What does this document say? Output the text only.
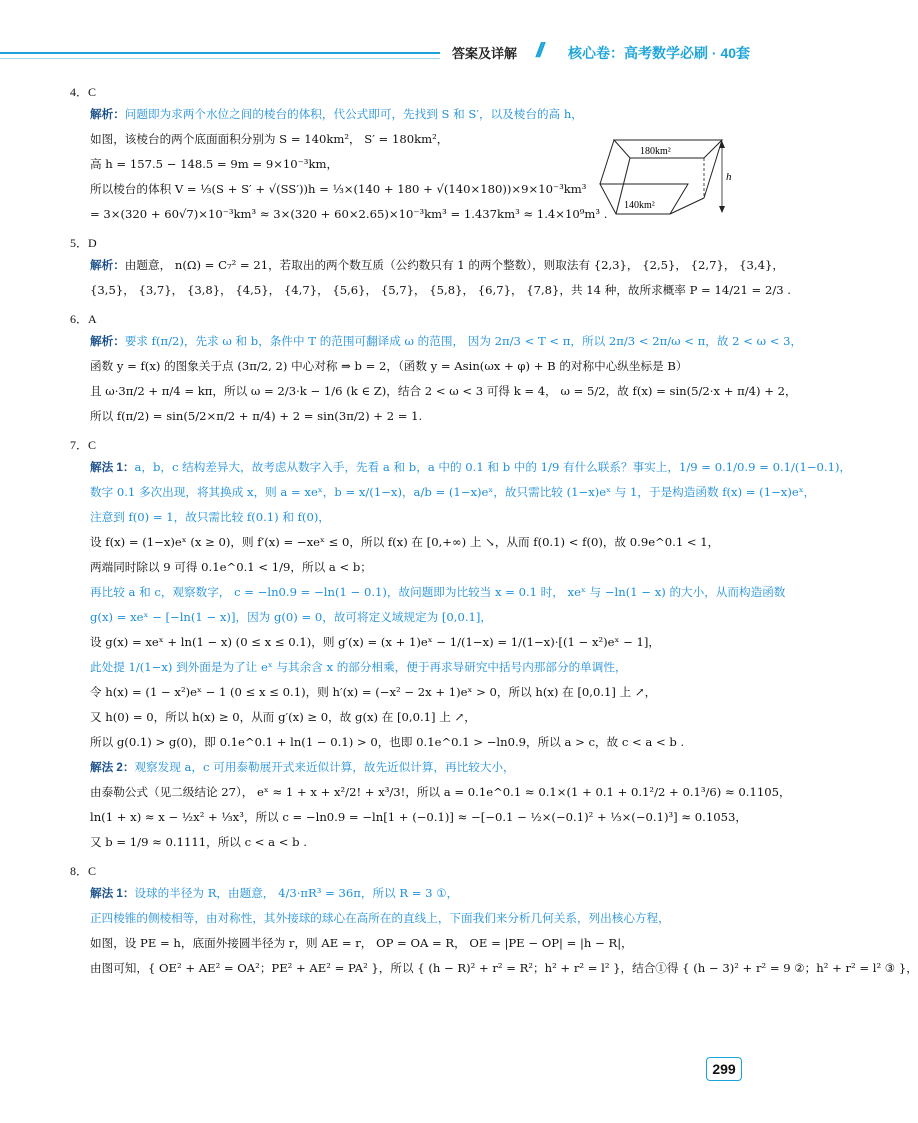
答案及详解 // 核心卷：高考数学必刷 · 40套
180km²
140km²
h

4．C

解析：问题即为求两个水位之间的棱台的体积，代公式即可，先找到 S 和 S′，以及棱台的高 h，

如图，该棱台的两个底面面积分别为 S = 140km²， S′ = 180km²，

高 h = 157.5 − 148.5 = 9m = 9×10⁻³km，

所以棱台的体积 V = ⅓(S + S′ + √(SS′))h = ⅓×(140 + 180 + √(140×180))×9×10⁻³km³

= 3×(320 + 60√7)×10⁻³km³ ≈ 3×(320 + 60×2.65)×10⁻³km³ = 1.437km³ ≈ 1.4×10⁹m³ .

5．D

解析：由题意， n(Ω) = C₇² = 21，若取出的两个数互质（公约数只有 1 的两个整数），则取法有 {2,3}， {2,5}， {2,7}， {3,4}，

{3,5}， {3,7}， {3,8}， {4,5}， {4,7}， {5,6}， {5,7}， {5,8}， {6,7}， {7,8}，共 14 种，故所求概率 P = 14/21 = 2/3 .

6．A

解析：要求 f(π/2)，先求 ω 和 b，条件中 T 的范围可翻译成 ω 的范围， 因为 2π/3 < T < π，所以 2π/3 < 2π/ω < π，故 2 < ω < 3，

函数 y = f(x) 的图象关于点 (3π/2, 2) 中心对称 ⇒ b = 2，（函数 y = Asin(ωx + φ) + B 的对称中心纵坐标是 B）

且 ω·3π/2 + π/4 = kπ，所以 ω = 2/3·k − 1/6 (k ∈ Z)，结合 2 < ω < 3 可得 k = 4， ω = 5/2，故 f(x) = sin(5/2·x + π/4) + 2，

所以 f(π/2) = sin(5/2×π/2 + π/4) + 2 = sin(3π/2) + 2 = 1.

7．C

解法 1：a，b，c 结构差异大，故考虑从数字入手，先看 a 和 b，a 中的 0.1 和 b 中的 1/9 有什么联系？事实上，1/9 = 0.1/0.9 = 0.1/(1−0.1)，

数字 0.1 多次出现，将其换成 x，则 a = xeˣ，b = x/(1−x)，a/b = (1−x)eˣ，故只需比较 (1−x)eˣ 与 1，于是构造函数 f(x) = (1−x)eˣ，

注意到 f(0) = 1，故只需比较 f(0.1) 和 f(0)，

设 f(x) = (1−x)eˣ (x ≥ 0)，则 f′(x) = −xeˣ ≤ 0，所以 f(x) 在 [0,+∞) 上 ↘，从而 f(0.1) < f(0)，故 0.9e^0.1 < 1，

两端同时除以 9 可得 0.1e^0.1 < 1/9，所以 a < b；

再比较 a 和 c，观察数字， c = −ln0.9 = −ln(1 − 0.1)，故问题即为比较当 x = 0.1 时， xeˣ 与 −ln(1 − x) 的大小，从而构造函数

g(x) = xeˣ − [−ln(1 − x)]，因为 g(0) = 0，故可将定义域规定为 [0,0.1]，

设 g(x) = xeˣ + ln(1 − x) (0 ≤ x ≤ 0.1)，则 g′(x) = (x + 1)eˣ − 1/(1−x) = 1/(1−x)·[(1 − x²)eˣ − 1]，

此处提 1/(1−x) 到外面是为了让 eˣ 与其余含 x 的部分相乘，便于再求导研究中括号内那部分的单调性，

令 h(x) = (1 − x²)eˣ − 1 (0 ≤ x ≤ 0.1)，则 h′(x) = (−x² − 2x + 1)eˣ > 0，所以 h(x) 在 [0,0.1] 上 ↗，

又 h(0) = 0，所以 h(x) ≥ 0，从而 g′(x) ≥ 0，故 g(x) 在 [0,0.1] 上 ↗，

所以 g(0.1) > g(0)，即 0.1e^0.1 + ln(1 − 0.1) > 0，也即 0.1e^0.1 > −ln0.9，所以 a > c，故 c < a < b .

解法 2：观察发现 a，c 可用泰勒展开式来近似计算，故先近似计算，再比较大小，

由泰勒公式（见二级结论 27）， eˣ ≈ 1 + x + x²/2! + x³/3!，所以 a = 0.1e^0.1 ≈ 0.1×(1 + 0.1 + 0.1²/2 + 0.1³/6) ≈ 0.1105，

ln(1 + x) ≈ x − ½x² + ⅓x³，所以 c = −ln0.9 = −ln[1 + (−0.1)] ≈ −[−0.1 − ½×(−0.1)² + ⅓×(−0.1)³] ≈ 0.1053，

又 b = 1/9 ≈ 0.1111，所以 c < a < b .

8．C

解法 1：设球的半径为 R，由题意， 4/3·πR³ = 36π，所以 R = 3 ①，

正四棱锥的侧棱相等，由对称性，其外接球的球心在高所在的直线上，下面我们来分析几何关系，列出核心方程，

如图，设 PE = h，底面外接圆半径为 r，则 AE = r， OP = OA = R， OE = |PE − OP| = |h − R|，

由图可知，{ OE² + AE² = OA²；PE² + AE² = PA² }，所以 { (h − R)² + r² = R²；h² + r² = l² }，结合①得 { (h − 3)² + r² = 9 ②；h² + r² = l² ③ }，

299
